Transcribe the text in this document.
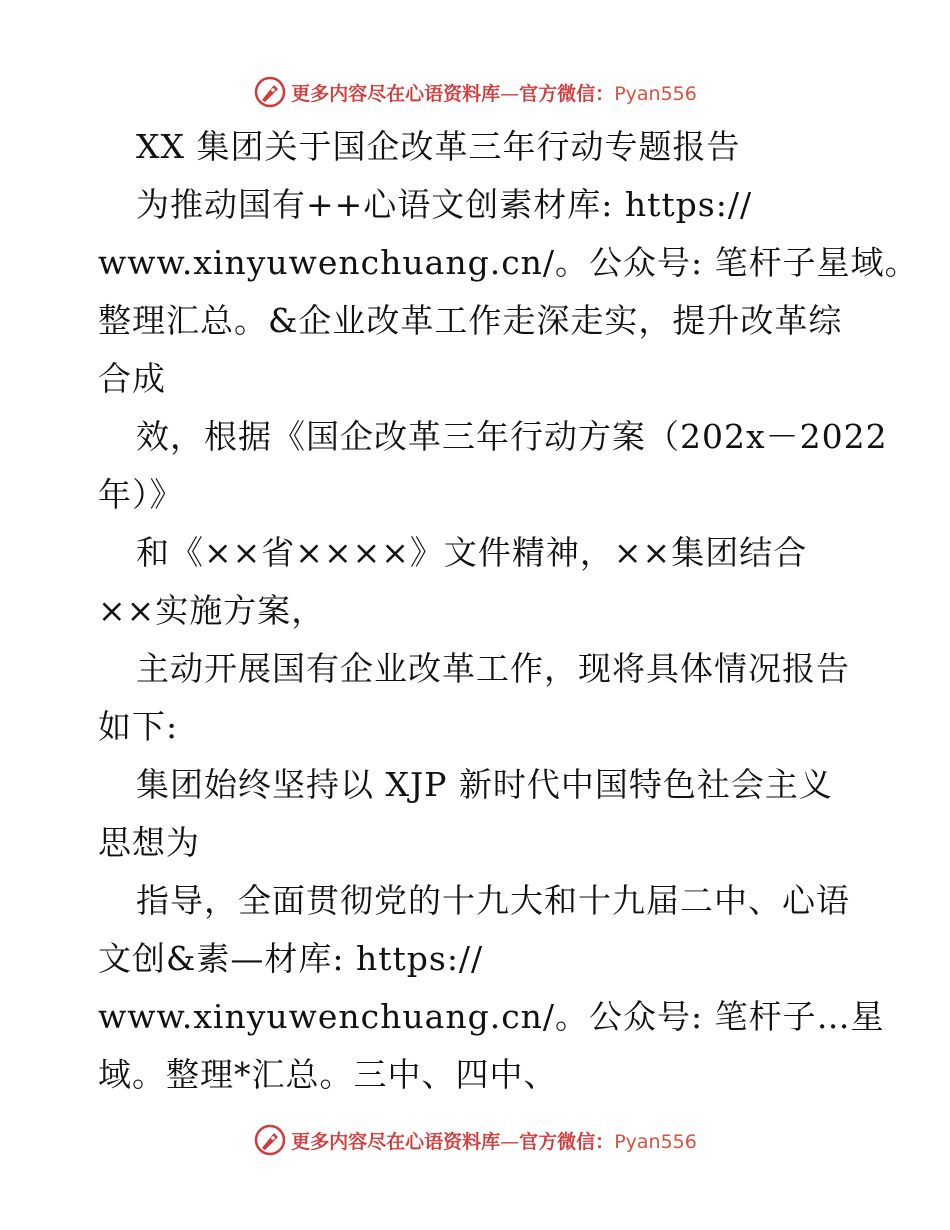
更多内容尽在心语资料库—官方微信：Pyan556
XX 集团关于国企改革三年行动专题报告
为推动国有++心语文创素材库: https://
www.xinyuwenchuang.cn/。公众号: 笔杆子星域。
整理汇总。&企业改革工作走深走实，提升改革综
合成
效，根据《国企改革三年行动方案（202x－2022
年）》
和《××省××××》文件精神，××集团结合
××实施方案，
主动开展国有企业改革工作，现将具体情况报告
如下:
集团始终坚持以 XJP 新时代中国特色社会主义
思想为
指导，全面贯彻党的十九大和十九届二中、心语
文创&素—材库: https://
www.xinyuwenchuang.cn/。公众号: 笔杆子…星
域。整理*汇总。三中、四中、
更多内容尽在心语资料库—官方微信：Pyan556
